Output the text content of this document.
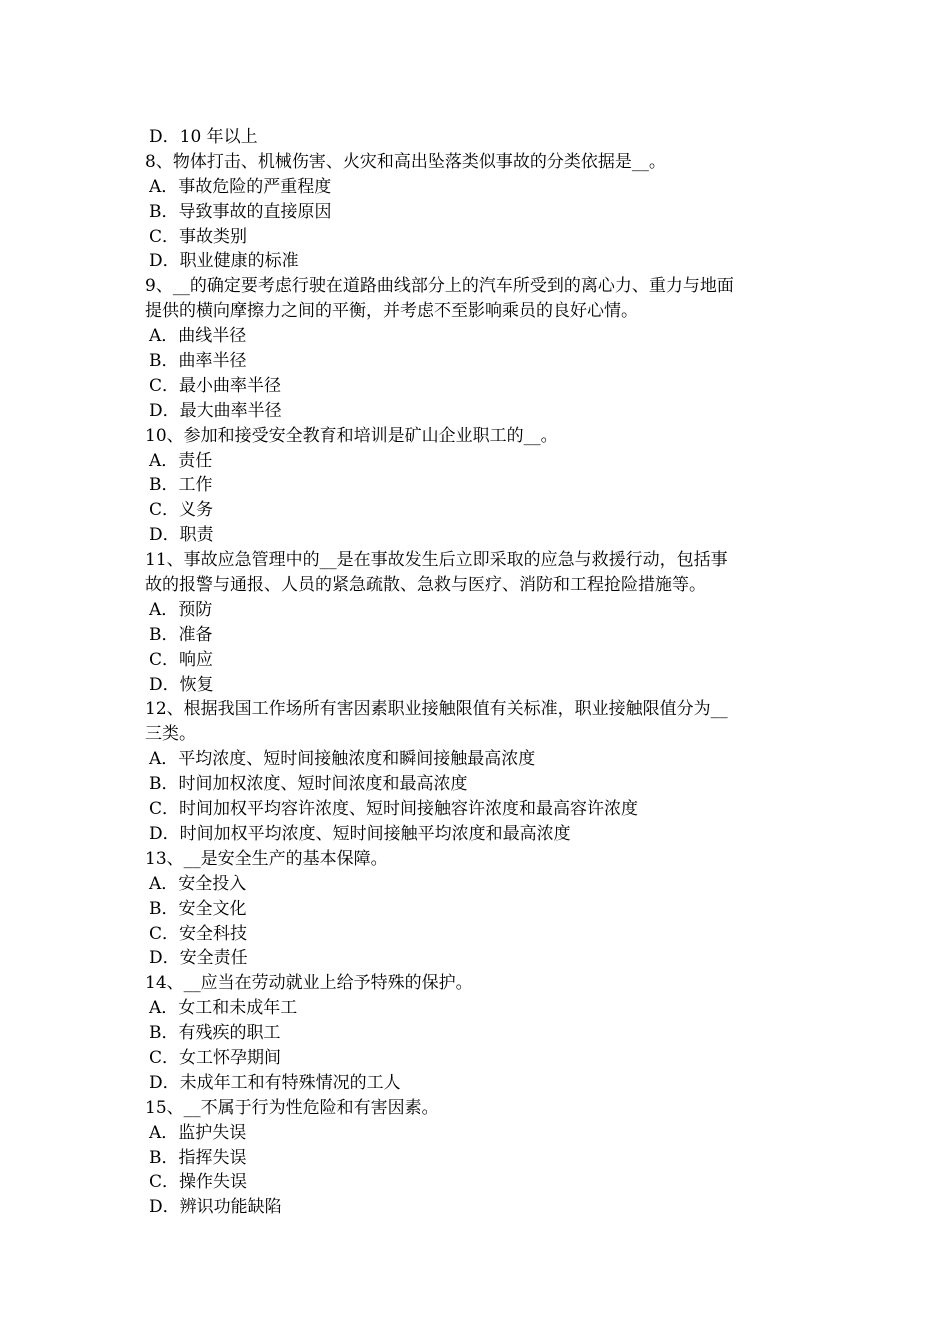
D．10 年以上
8、物体打击、机械伤害、火灾和高出坠落类似事故的分类依据是__。
A．事故危险的严重程度
B．导致事故的直接原因
C．事故类别
D．职业健康的标准
9、__的确定要考虑行驶在道路曲线部分上的汽车所受到的离心力、重力与地面
提供的横向摩擦力之间的平衡，并考虑不至影响乘员的良好心情。
A．曲线半径
B．曲率半径
C．最小曲率半径
D．最大曲率半径
10、参加和接受安全教育和培训是矿山企业职工的__。
A．责任
B．工作
C．义务
D．职责
11、事故应急管理中的__是在事故发生后立即采取的应急与救援行动，包括事
故的报警与通报、人员的紧急疏散、急救与医疗、消防和工程抢险措施等。
A．预防
B．准备
C．响应
D．恢复
12、根据我国工作场所有害因素职业接触限值有关标准，职业接触限值分为__
三类。
A．平均浓度、短时间接触浓度和瞬间接触最高浓度
B．时间加权浓度、短时间浓度和最高浓度
C．时间加权平均容许浓度、短时间接触容许浓度和最高容许浓度
D．时间加权平均浓度、短时间接触平均浓度和最高浓度
13、__是安全生产的基本保障。
A．安全投入
B．安全文化
C．安全科技
D．安全责任
14、__应当在劳动就业上给予特殊的保护。
A．女工和未成年工
B．有残疾的职工
C．女工怀孕期间
D．未成年工和有特殊情况的工人
15、__不属于行为性危险和有害因素。
A．监护失误
B．指挥失误
C．操作失误
D．辨识功能缺陷
